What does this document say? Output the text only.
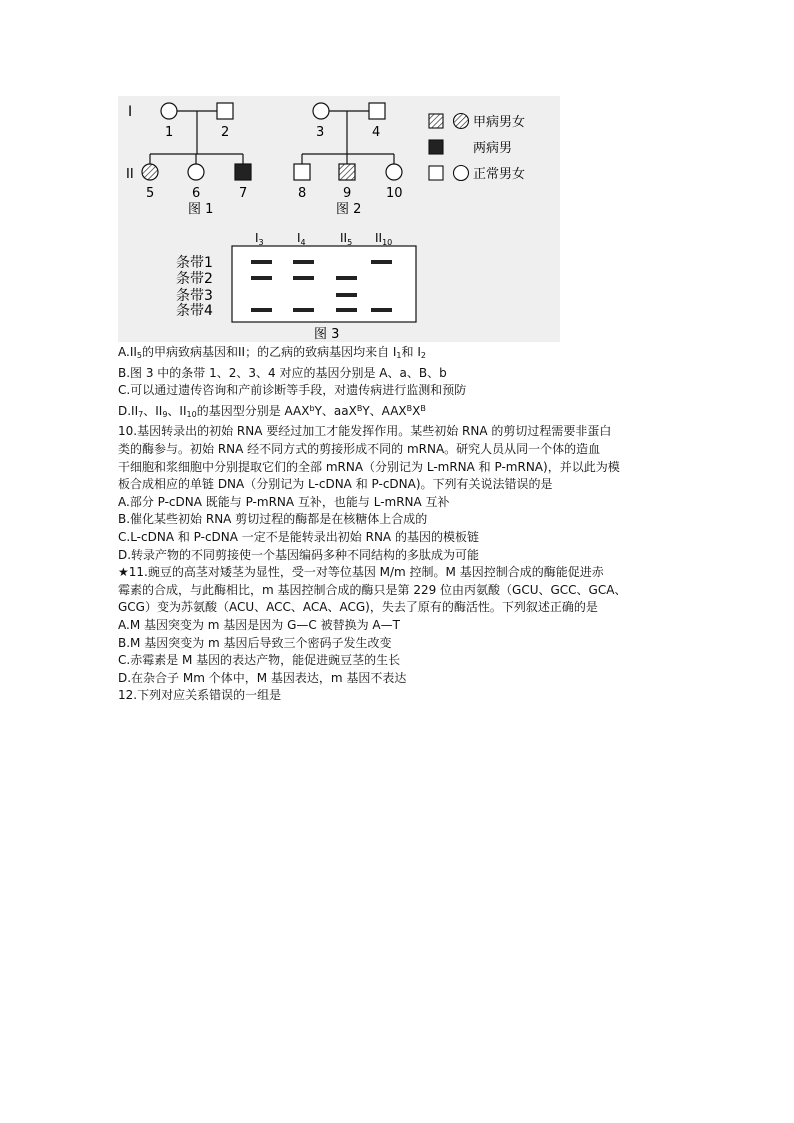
I
II
1	2
5	6	7
图 1
3	4
8	9	10
图 2
甲病男女
两病男
正常男女
$I_3$	$I_4$	$II_5$ $II_{10}$
条带1
条带2
条带3
条带4
图 3
$A.II_5$的甲病致病基因和II；的乙病的致病基因均来自 $I_1$和 $I_2$
B.图 3 中的条带 1、2、3、4 对应的基因分别是 A、a、B、b
C.可以通过遗传咨询和产前诊断等手段，对遗传病进行监测和预防
$D.II_7$、$II_9$、$II_{10}$的基因型分别是 AAX$^b$Y、aaX$^B$Y、$AAX^BX^B$
10.基因转录出的初始 RNA 要经过加工才能发挥作用。某些初始 RNA 的剪切过程需要非蛋白
类的酶参与。初始 RNA 经不同方式的剪接形成不同的 mRNA。研究人员从同一个体的造血
干细胞和浆细胞中分别提取它们的全部 mRNA（分别记为 L-mRNA 和 P-mRNA)，并以此为模
板合成相应的单链 DNA（分别记为 L-cDNA 和 P-cDNA)。下列有关说法错误的是
A.部分 P-cDNA 既能与 P-mRNA 互补，也能与 L-mRNA 互补
B.催化某些初始 RNA 剪切过程的酶都是在核糖体上合成的
C.L-cDNA 和 P-cDNA 一定不是能转录出初始 RNA 的基因的模板链
D.转录产物的不同剪接使一个基因编码多种不同结构的多肽成为可能
★11.豌豆的高茎对矮茎为显性，受一对等位基因 M/m 控制。M 基因控制合成的酶能促进赤
霉素的合成，与此酶相比，m 基因控制合成的酶只是第 229 位由丙氨酸（GCU、GCC、GCA、
GCG）变为苏氨酸（ACU、ACC、ACA、ACG)，失去了原有的酶活性。下列叙述正确的是
A.M 基因突变为 m 基因是因为 G—C 被替换为 A—T
B.M 基因突变为 m 基因后导致三个密码子发生改变
C.赤霉素是 M 基因的表达产物，能促进豌豆茎的生长
D.在杂合子 Mm 个体中，M 基因表达，m 基因不表达
12.下列对应关系错误的一组是
